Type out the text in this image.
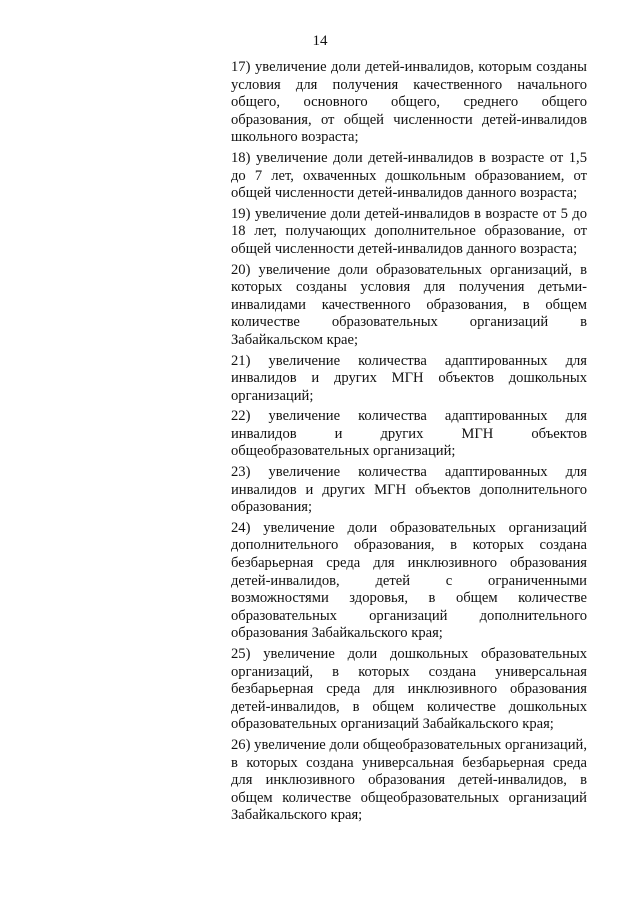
14

17) увеличение доли детей-инвалидов, которым созданы условия для получения качественного начального общего, основного общего, среднего общего образования, от общей численности детей-инвалидов школьного возраста;

18) увеличение доли детей-инвалидов в возрасте от 1,5 до 7 лет, охваченных дошкольным образованием, от общей численности детей-инвалидов данного возраста;

19) увеличение доли детей-инвалидов в возрасте от 5 до 18 лет, получающих дополнительное образование, от общей численности детей-инвалидов данного возраста;

20) увеличение доли образовательных организаций, в которых созданы условия для получения детьми-инвалидами качественного образования, в общем количестве образовательных организаций в Забайкальском крае;

21) увеличение количества адаптированных для инвалидов и других МГН объектов дошкольных организаций;

22) увеличение количества адаптированных для инвалидов и других МГН объектов общеобразовательных организаций;

23) увеличение количества адаптированных для инвалидов и других МГН объектов дополнительного образования;

24) увеличение доли образовательных организаций дополнительного образования, в которых создана безбарьерная среда для инклюзивного образования детей-инвалидов, детей с ограниченными возможностями здоровья, в общем количестве образовательных организаций дополнительного образования Забайкальского края;

25) увеличение доли дошкольных образовательных организаций, в которых создана универсальная безбарьерная среда для инклюзивного образования детей-инвалидов, в общем количестве дошкольных образовательных организаций Забайкальского края;

26) увеличение доли общеобразовательных организаций, в которых создана универсальная безбарьерная среда для инклюзивного образования детей-инвалидов, в общем количестве общеобразовательных организаций Забайкальского края;
